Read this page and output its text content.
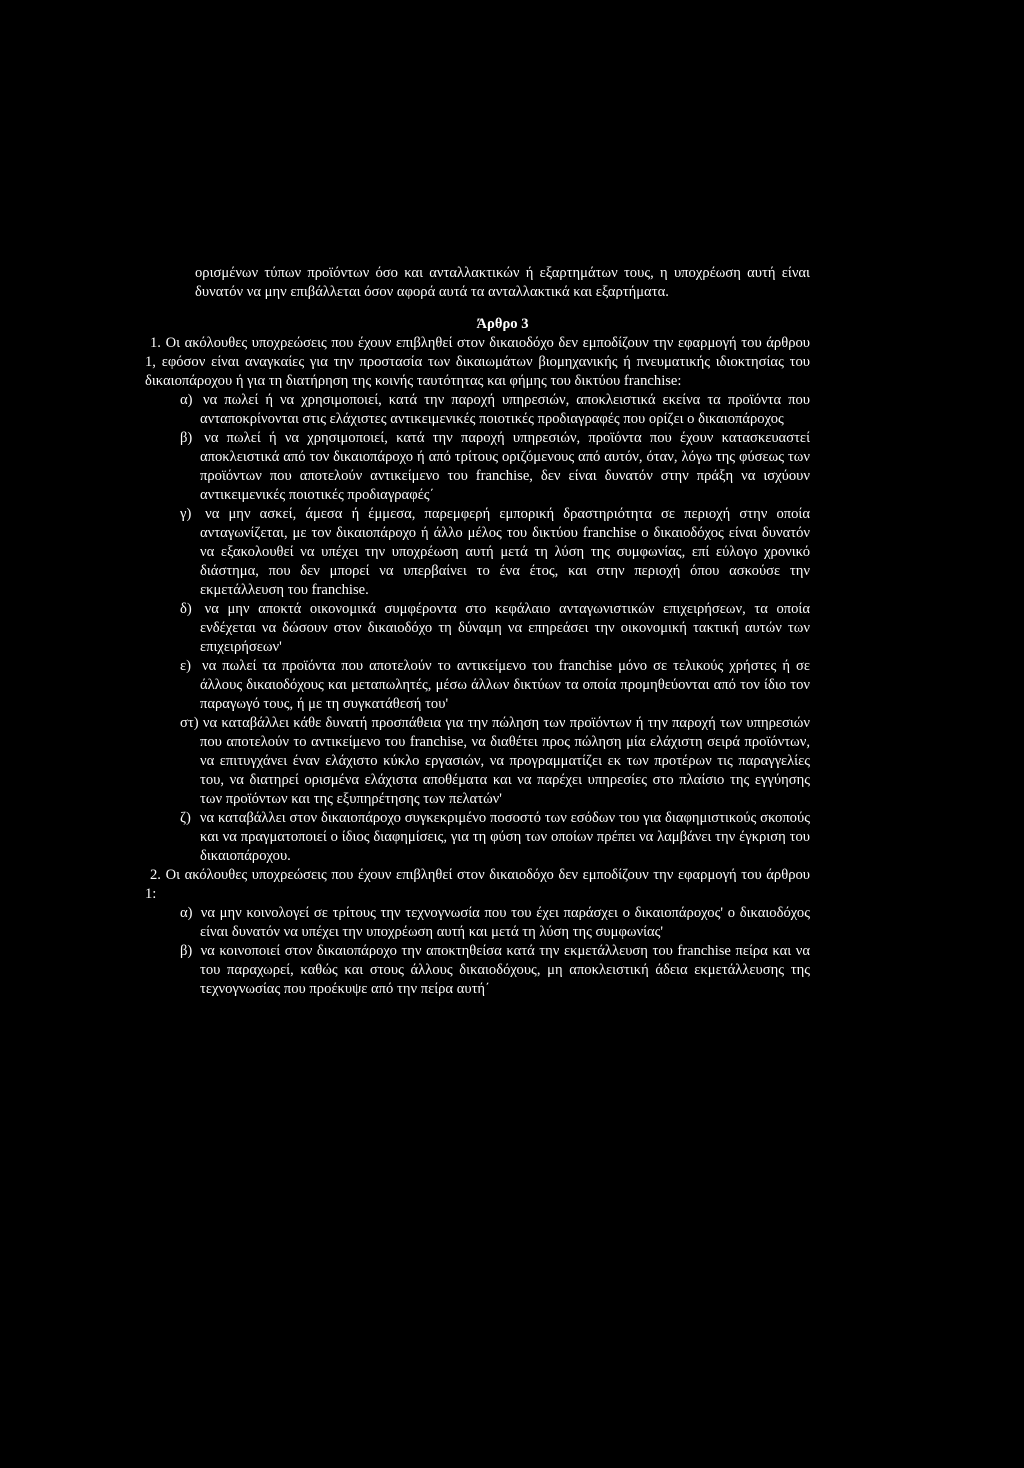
ορισμένων τύπων προϊόντων όσο και ανταλλακτικών ή εξαρτημάτων τους, η υποχρέωση αυτή είναι δυνατόν να μην επιβάλλεται όσον αφορά αυτά τα ανταλλακτικά και εξαρτήματα.

Άρθρο 3

1. Οι ακόλουθες υποχρεώσεις που έχουν επιβληθεί στον δικαιοδόχο δεν εμποδίζουν την εφαρμογή του άρθρου 1, εφόσον είναι αναγκαίες για την προστασία των δικαιωμάτων βιομηχανικής ή πνευματικής ιδιοκτησίας του δικαιοπάροχου ή για τη διατήρηση της κοινής ταυτότητας και φήμης του δικτύου franchise:

α) να πωλεί ή να χρησιμοποιεί, κατά την παροχή υπηρεσιών, αποκλειστικά εκείνα τα προϊόντα που ανταποκρίνονται στις ελάχιστες αντικειμενικές ποιοτικές προδιαγραφές που ορίζει ο δικαιοπάροχος

β) να πωλεί ή να χρησιμοποιεί, κατά την παροχή υπηρεσιών, προϊόντα που έχουν κατασκευαστεί αποκλειστικά από τον δικαιοπάροχο ή από τρίτους οριζόμενους από αυτόν, όταν, λόγω της φύσεως των προϊόντων που αποτελούν αντικείμενο του franchise, δεν είναι δυνατόν στην πράξη να ισχύουν αντικειμενικές ποιοτικές προδιαγραφές΄

γ) να μην ασκεί, άμεσα ή έμμεσα, παρεμφερή εμπορική δραστηριότητα σε περιοχή στην οποία ανταγωνίζεται, με τον δικαιοπάροχο ή άλλο μέλος του δικτύου franchise ο δικαιοδόχος είναι δυνατόν να εξακολουθεί να υπέχει την υποχρέωση αυτή μετά τη λύση της συμφωνίας, επί εύλογο χρονικό διάστημα, που δεν μπορεί να υπερβαίνει το ένα έτος, και στην περιοχή όπου ασκούσε την εκμετάλλευση του franchise.

δ) να μην αποκτά οικονομικά συμφέροντα στο κεφάλαιο ανταγωνιστικών επιχειρήσεων, τα οποία ενδέχεται να δώσουν στον δικαιοδόχο τη δύναμη να επηρεάσει την οικονομική τακτική αυτών των επιχειρήσεων'

ε) να πωλεί τα προϊόντα που αποτελούν το αντικείμενο του franchise μόνο σε τελικούς χρήστες ή σε άλλους δικαιοδόχους και μεταπωλητές, μέσω άλλων δικτύων τα οποία προμηθεύονται από τον ίδιο τον παραγωγό τους, ή με τη συγκατάθεσή του'

στ) να καταβάλλει κάθε δυνατή προσπάθεια για την πώληση των προϊόντων ή την παροχή των υπηρεσιών που αποτελούν το αντικείμενο του franchise, να διαθέτει προς πώληση μία ελάχιστη σειρά προϊόντων, να επιτυγχάνει έναν ελάχιστο κύκλο εργασιών, να προγραμματίζει εκ των προτέρων τις παραγγελίες του, να διατηρεί ορισμένα ελάχιστα αποθέματα και να παρέχει υπηρεσίες στο πλαίσιο της εγγύησης των προϊόντων και της εξυπηρέτησης των πελατών'

ζ) να καταβάλλει στον δικαιοπάροχο συγκεκριμένο ποσοστό των εσόδων του για διαφημιστικούς σκοπούς και να πραγματοποιεί ο ίδιος διαφημίσεις, για τη φύση των οποίων πρέπει να λαμβάνει την έγκριση του δικαιοπάροχου.

2. Οι ακόλουθες υποχρεώσεις που έχουν επιβληθεί στον δικαιοδόχο δεν εμποδίζουν την εφαρμογή του άρθρου 1:

α) να μην κοινολογεί σε τρίτους την τεχνογνωσία που του έχει παράσχει ο δικαιοπάροχος' ο δικαιοδόχος είναι δυνατόν να υπέχει την υποχρέωση αυτή και μετά τη λύση της συμφωνίας'

β) να κοινοποιεί στον δικαιοπάροχο την αποκτηθείσα κατά την εκμετάλλευση του franchise πείρα και να του παραχωρεί, καθώς και στους άλλους δικαιοδόχους, μη αποκλειστική άδεια εκμετάλλευσης της τεχνογνωσίας που προέκυψε από την πείρα αυτή΄
